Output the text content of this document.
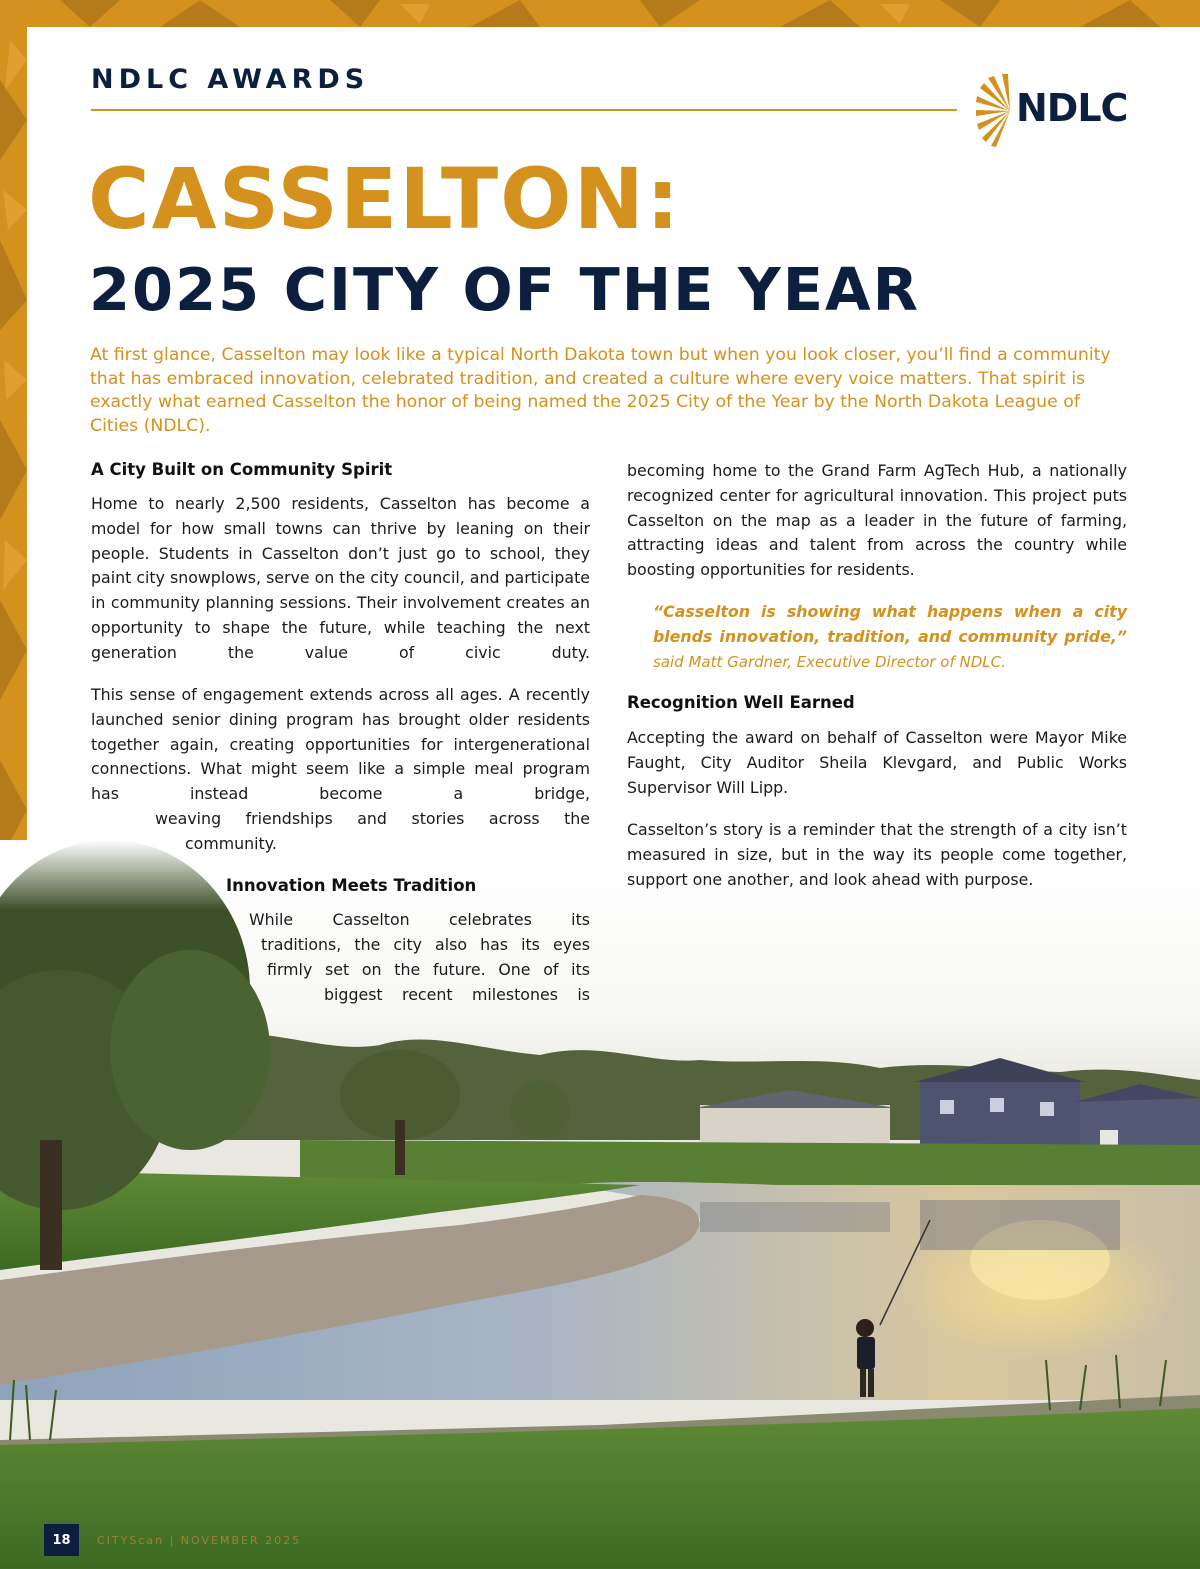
NDLC AWARDS
NDLC
CASSELTON:
2025 CITY OF THE YEAR
At first glance, Casselton may look like a typical North Dakota town but when you look closer, you’ll find a community that has embraced innovation, celebrated tradition, and created a culture where every voice matters. That spirit is exactly what earned Casselton the honor of being named the 2025 City of the Year by the North Dakota League of Cities (NDLC).
A City Built on Community Spirit
Home to nearly 2,500 residents, Casselton has become a model for how small towns can thrive by leaning on their people. Students in Casselton don’t just go to school, they paint city snowplows, serve on the city council, and participate in community planning sessions. Their involvement creates an opportunity to shape the future, while teaching the next generation the value of civic duty.
This sense of engagement extends across all ages. A recently launched senior dining program has brought older residents together again, creating opportunities for intergenerational connections. What might seem like a simple meal program has instead become a bridge,
weaving friendships and stories across the
community.
Innovation Meets Tradition
While Casselton celebrates its
traditions, the city also has its eyes
firmly set on the future. One of its
biggest recent milestones is
becoming home to the Grand Farm AgTech Hub, a nationally recognized center for agricultural innovation. This project puts Casselton on the map as a leader in the future of farming, attracting ideas and talent from across the country while boosting opportunities for residents.
“Casselton is showing what happens when a city blends innovation, tradition, and community pride,” said Matt Gardner, Executive Director of NDLC.
Recognition Well Earned
Accepting the award on behalf of Casselton were Mayor Mike Faught, City Auditor Sheila Klevgard, and Public Works Supervisor Will Lipp.
Casselton’s story is a reminder that the strength of a city isn’t measured in size, but in the way its people come together, support one another, and look ahead with purpose.
18	CITYScan | NOVEMBER 2025
